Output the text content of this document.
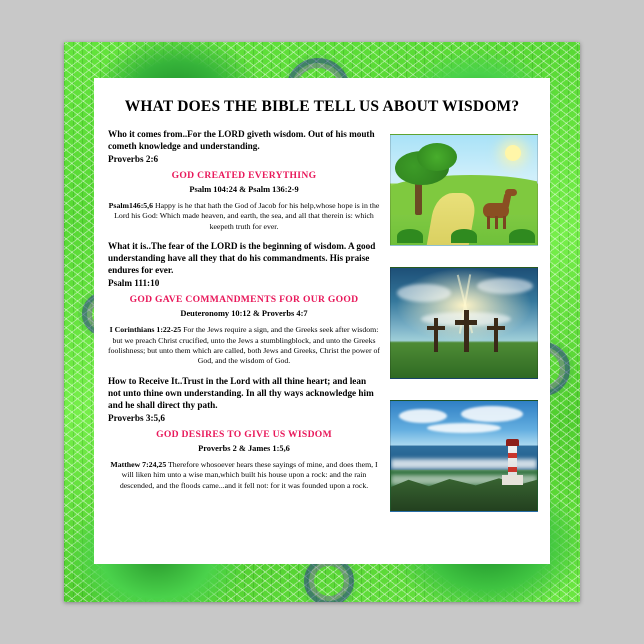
WHAT DOES THE BIBLE TELL US ABOUT WISDOM?
Who it comes from..For the LORD giveth wisdom. Out of his mouth cometh knowledge and understanding.
Proverbs 2:6
GOD CREATED EVERYTHING
Psalm 104:24 & Psalm 136:2-9
Psalm146:5,6 Happy is he that hath the God of Jacob for his help,whose hope is in the Lord his God: Which made heaven, and earth, the sea, and all that therein is: which keepeth truth for ever.
What it is..The fear of the LORD is the beginning of wisdom. A good understanding have all they that do his commandments. His praise endures for ever.
Psalm 111:10
GOD GAVE COMMANDMENTS FOR OUR GOOD
Deuteronomy 10:12 & Proverbs 4:7
I Corinthians 1:22-25 For the Jews require a sign, and the Greeks seek after wisdom: but we preach Christ crucified, unto the Jews a stumblingblock, and unto the Greeks foolishness; but unto them which are called, both Jews and Greeks, Christ the power of God, and the wisdom of God.
How to Receive It..Trust in the Lord with all thine heart; and lean not unto thine own understanding. In all thy ways acknowledge him and he shall direct thy path.
Proverbs 3:5,6
GOD DESIRES TO GIVE US WISDOM
Proverbs 2 & James 1:5,6
Matthew 7:24,25 Therefore whosoever hears these sayings of mine, and does them, I will liken him unto a wise man,which built his house upon a rock: and the rain descended, and the floods came...and it fell not: for it was founded upon a rock.
